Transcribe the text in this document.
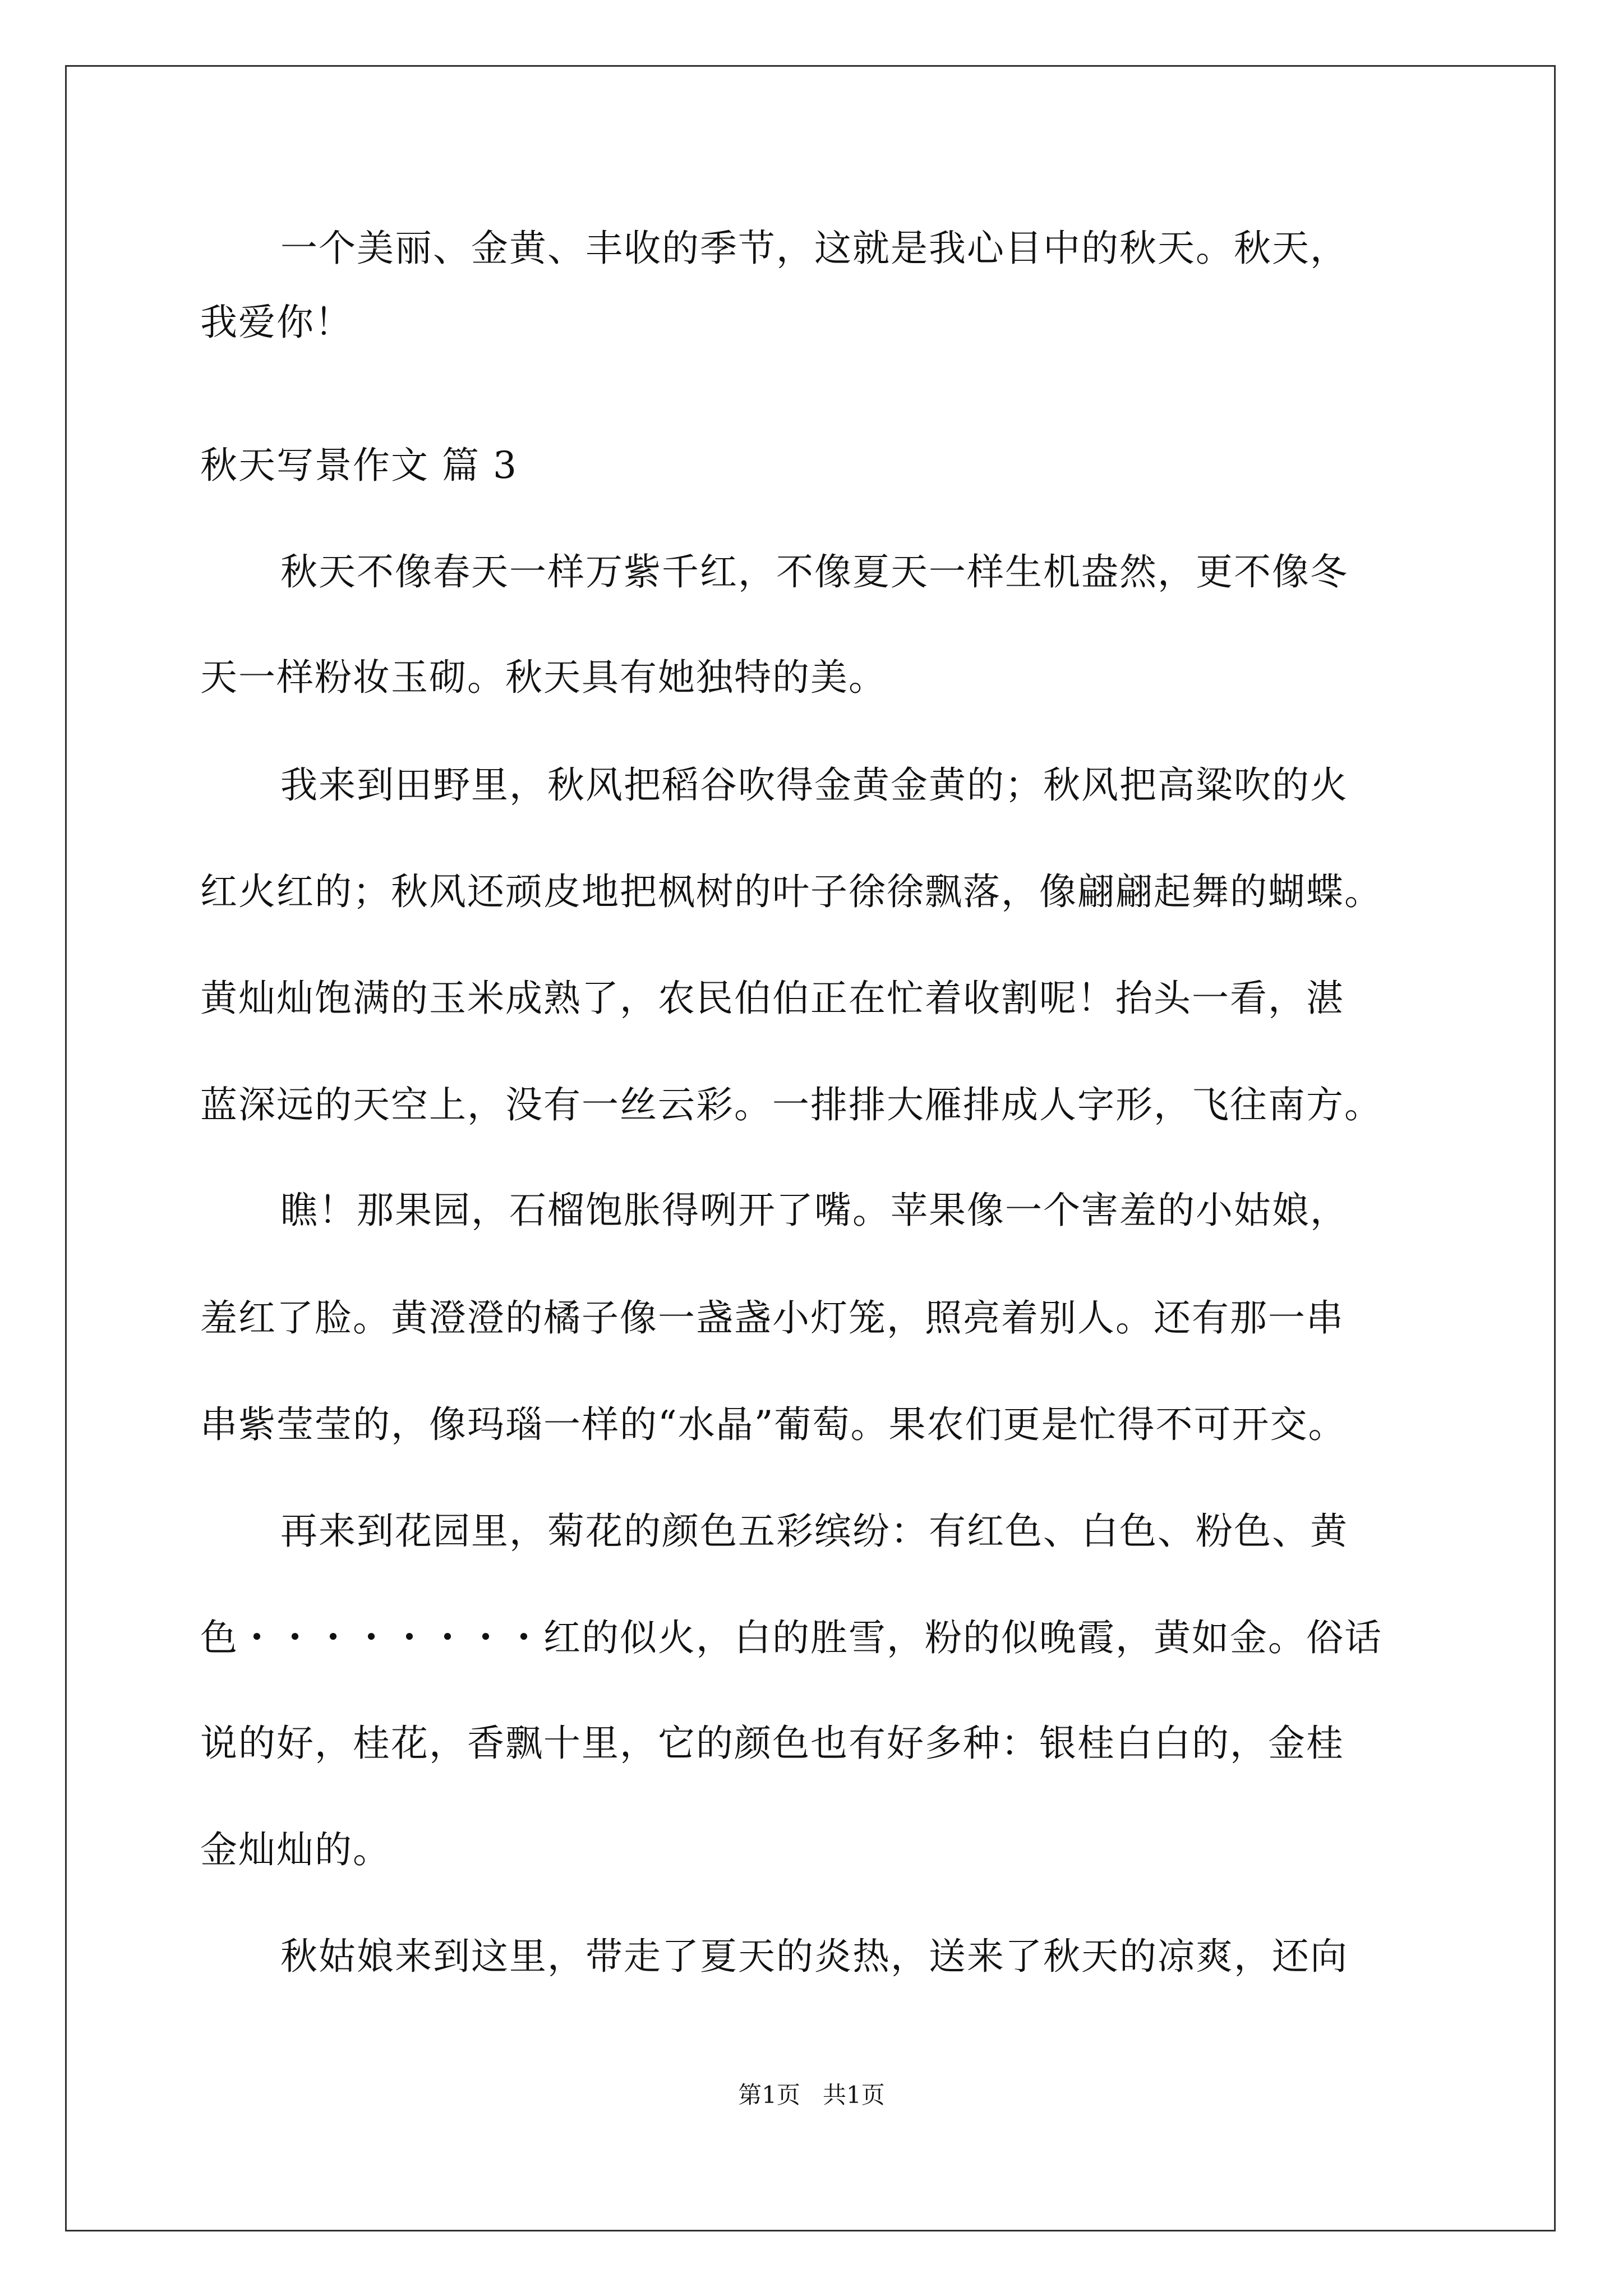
一个美丽、金黄、丰收的季节，这就是我心目中的秋天。秋天，
我爱你！
秋天写景作文 篇 3
秋天不像春天一样万紫千红，不像夏天一样生机盎然，更不像冬
天一样粉妆玉砌。秋天具有她独特的美。
我来到田野里，秋风把稻谷吹得金黄金黄的；秋风把高粱吹的火
红火红的；秋风还顽皮地把枫树的叶子徐徐飘落，像翩翩起舞的蝴蝶。
黄灿灿饱满的玉米成熟了，农民伯伯正在忙着收割呢！抬头一看，湛
蓝深远的天空上，没有一丝云彩。一排排大雁排成人字形，飞往南方。
瞧！那果园，石榴饱胀得咧开了嘴。苹果像一个害羞的小姑娘，
羞红了脸。黄澄澄的橘子像一盏盏小灯笼，照亮着别人。还有那一串
串紫莹莹的，像玛瑙一样的“水晶”葡萄。果农们更是忙得不可开交。
再来到花园里，菊花的颜色五彩缤纷：有红色、白色、粉色、黄
色・・・・・・・・红的似火，白的胜雪，粉的似晚霞，黄如金。俗话
说的好，桂花，香飘十里，它的颜色也有好多种：银桂白白的，金桂
金灿灿的。
秋姑娘来到这里，带走了夏天的炎热，送来了秋天的凉爽，还向
第1页   共1页
